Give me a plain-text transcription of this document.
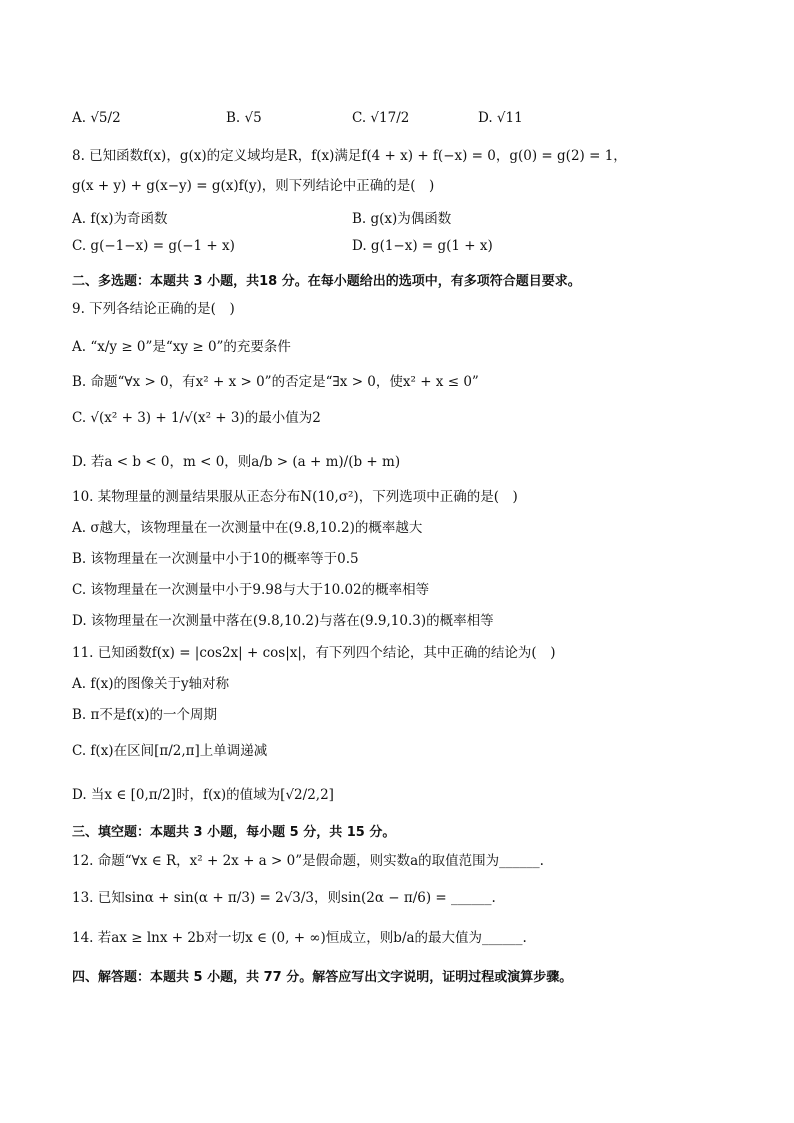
A. √5/2	B. √5	C. √17/2	D. √11
8. 已知函数f(x)，g(x)的定义域均是R，f(x)满足f(4 + x) + f(−x) = 0，g(0) = g(2) = 1，
g(x + y) + g(x−y) = g(x)f(y)，则下列结论中正确的是(　)
A. f(x)为奇函数	B. g(x)为偶函数
C. g(−1−x) = g(−1 + x)	D. g(1−x) = g(1 + x)
二、多选题：本题共 3 小题，共18 分。在每小题给出的选项中，有多项符合题目要求。
9. 下列各结论正确的是(　)
A. “x/y ≥ 0”是“xy ≥ 0”的充要条件
B. 命题“∀x > 0，有x² + x > 0”的否定是“∃x > 0，使x² + x ≤ 0”
C. √(x² + 3) + 1/√(x² + 3)的最小值为2
D. 若a < b < 0，m < 0，则a/b > (a + m)/(b + m)
10. 某物理量的测量结果服从正态分布N(10,σ²)，下列选项中正确的是(　)
A. σ越大，该物理量在一次测量中在(9.8,10.2)的概率越大
B. 该物理量在一次测量中小于10的概率等于0.5
C. 该物理量在一次测量中小于9.98与大于10.02的概率相等
D. 该物理量在一次测量中落在(9.8,10.2)与落在(9.9,10.3)的概率相等
11. 已知函数f(x) = |cos2x| + cos|x|，有下列四个结论，其中正确的结论为(　)
A. f(x)的图像关于y轴对称
B. π不是f(x)的一个周期
C. f(x)在区间[π/2,π]上单调递减
D. 当x ∈ [0,π/2]时，f(x)的值域为[√2/2,2]
三、填空题：本题共 3 小题，每小题 5 分，共 15 分。
12. 命题“∀x ∈ R，x² + 2x + a > 0”是假命题，则实数a的取值范围为______.
13. 已知sinα + sin(α + π/3) = 2√3/3，则sin(2α − π/6) = ______.
14. 若ax ≥ lnx + 2b对一切x ∈ (0, + ∞)恒成立，则b/a的最大值为______.
四、解答题：本题共 5 小题，共 77 分。解答应写出文字说明，证明过程或演算步骤。
